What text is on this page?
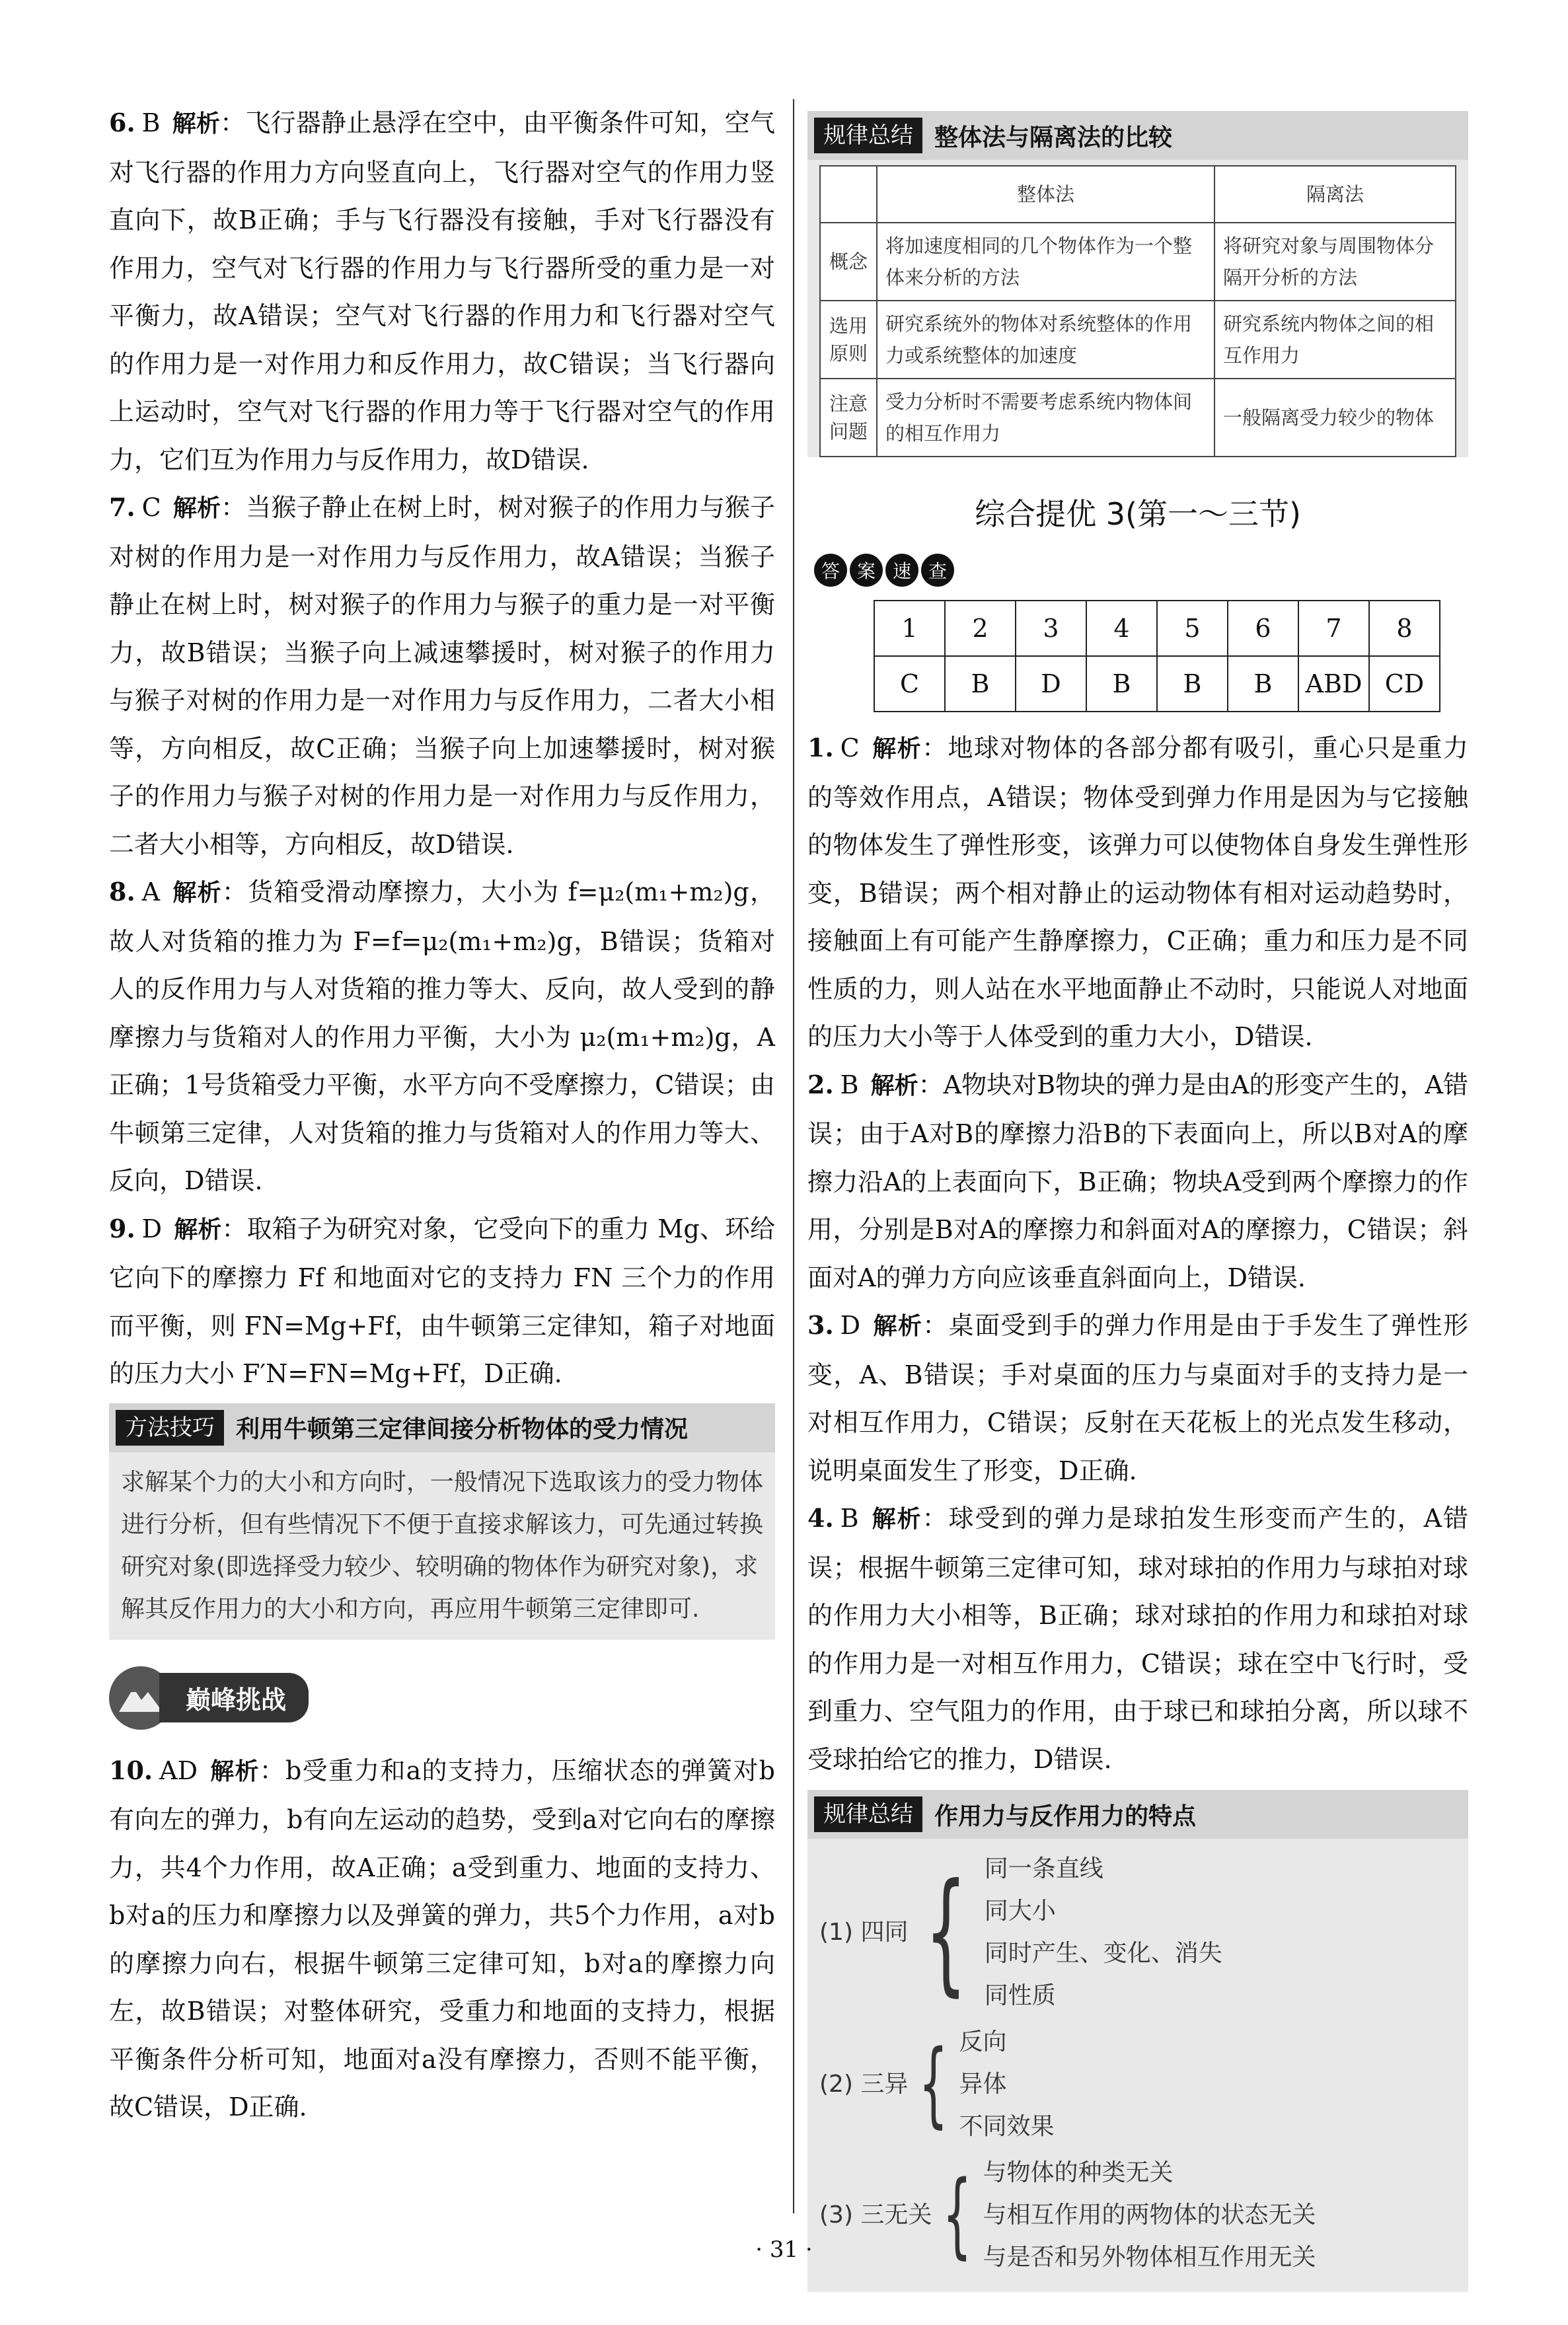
6. B 解析：飞行器静止悬浮在空中，由平衡条件可知，空气对飞行器的作用力方向竖直向上，飞行器对空气的作用力竖直向下，故B正确；手与飞行器没有接触，手对飞行器没有作用力，空气对飞行器的作用力与飞行器所受的重力是一对平衡力，故A错误；空气对飞行器的作用力和飞行器对空气的作用力是一对作用力和反作用力，故C错误；当飞行器向上运动时，空气对飞行器的作用力等于飞行器对空气的作用力，它们互为作用力与反作用力，故D错误.

7. C 解析：当猴子静止在树上时，树对猴子的作用力与猴子对树的作用力是一对作用力与反作用力，故A错误；当猴子静止在树上时，树对猴子的作用力与猴子的重力是一对平衡力，故B错误；当猴子向上减速攀援时，树对猴子的作用力与猴子对树的作用力是一对作用力与反作用力，二者大小相等，方向相反，故C正确；当猴子向上加速攀援时，树对猴子的作用力与猴子对树的作用力是一对作用力与反作用力，二者大小相等，方向相反，故D错误.

8. A 解析：货箱受滑动摩擦力，大小为 f=μ₂(m₁+m₂)g，故人对货箱的推力为 F=f=μ₂(m₁+m₂)g，B错误；货箱对人的反作用力与人对货箱的推力等大、反向，故人受到的静摩擦力与货箱对人的作用力平衡，大小为 μ₂(m₁+m₂)g，A正确；1号货箱受力平衡，水平方向不受摩擦力，C错误；由牛顿第三定律，人对货箱的推力与货箱对人的作用力等大、反向，D错误.

9. D 解析：取箱子为研究对象，它受向下的重力 Mg、环给它向下的摩擦力 Ff 和地面对它的支持力 FN 三个力的作用而平衡，则 FN=Mg+Ff，由牛顿第三定律知，箱子对地面的压力大小 F′N=FN=Mg+Ff，D正确.

方法技巧 利用牛顿第三定律间接分析物体的受力情况
求解某个力的大小和方向时，一般情况下选取该力的受力物体进行分析，但有些情况下不便于直接求解该力，可先通过转换研究对象(即选择受力较少、较明确的物体作为研究对象)，求解其反作用力的大小和方向，再应用牛顿第三定律即可.
巅峰挑战

10. AD 解析：b受重力和a的支持力，压缩状态的弹簧对b有向左的弹力，b有向左运动的趋势，受到a对它向右的摩擦力，共4个力作用，故A正确；a受到重力、地面的支持力、b对a的压力和摩擦力以及弹簧的弹力，共5个力作用，a对b的摩擦力向右，根据牛顿第三定律可知，b对a的摩擦力向左，故B错误；对整体研究，受重力和地面的支持力，根据平衡条件分析可知，地面对a没有摩擦力，否则不能平衡，故C错误，D正确.

规律总结 整体法与隔离法的比较
	整体法	隔离法
概念	将加速度相同的几个物体作为一个整体来分析的方法	将研究对象与周围物体分隔开分析的方法
选用原则	研究系统外的物体对系统整体的作用力或系统整体的加速度	研究系统内物体之间的相互作用力
注意问题	受力分析时不需要考虑系统内物体间的相互作用力	一般隔离受力较少的物体
综合提优 3(第一～三节)
答 案 速 查
1	2	3	4	5	6	7	8
C	B	D	B	B	B	ABD	CD

1. C 解析：地球对物体的各部分都有吸引，重心只是重力的等效作用点，A错误；物体受到弹力作用是因为与它接触的物体发生了弹性形变，该弹力可以使物体自身发生弹性形变，B错误；两个相对静止的运动物体有相对运动趋势时，接触面上有可能产生静摩擦力，C正确；重力和压力是不同性质的力，则人站在水平地面静止不动时，只能说人对地面的压力大小等于人体受到的重力大小，D错误.

2. B 解析：A物块对B物块的弹力是由A的形变产生的，A错误；由于A对B的摩擦力沿B的下表面向上，所以B对A的摩擦力沿A的上表面向下，B正确；物块A受到两个摩擦力的作用，分别是B对A的摩擦力和斜面对A的摩擦力，C错误；斜面对A的弹力方向应该垂直斜面向上，D错误.

3. D 解析：桌面受到手的弹力作用是由于手发生了弹性形变，A、B错误；手对桌面的压力与桌面对手的支持力是一对相互作用力，C错误；反射在天花板上的光点发生移动，说明桌面发生了形变，D正确.

4. B 解析：球受到的弹力是球拍发生形变而产生的，A错误；根据牛顿第三定律可知，球对球拍的作用力与球拍对球的作用力大小相等，B正确；球对球拍的作用力和球拍对球的作用力是一对相互作用力，C错误；球在空中飞行时，受到重力、空气阻力的作用，由于球已和球拍分离，所以球不受球拍给它的推力，D错误.

规律总结 作用力与反作用力的特点
(1) 四同 { 同一条直线
同大小
同时产生、变化、消失
同性质
(2) 三异 { 反向
异体
不同效果
(3) 三无关 { 与物体的种类无关
与相互作用的两物体的状态无关
与是否和另外物体相互作用无关
· 31 ·
